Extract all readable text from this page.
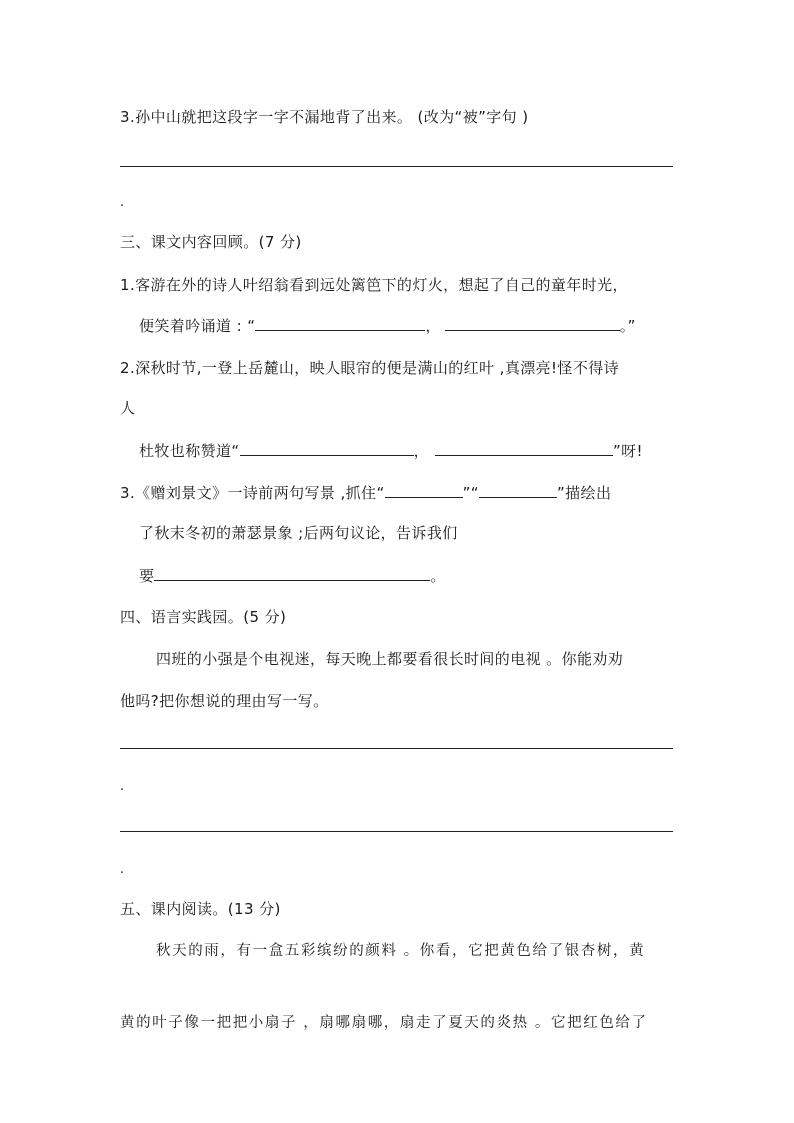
3.孙中山就把这段字一字不漏地背了出来。 (改为“被”字句 )
.
三、课文内容回顾。(7 分)
1.客游在外的诗人叶绍翁看到远处篱笆下的灯火，想起了自己的童年时光，
便笑着吟诵道 : “	，	。”
2.深秋时节,一登上岳麓山，映人眼帘的便是满山的红叶 ,真漂亮!怪不得诗
人
杜牧也称赞道“	，	”呀!
3.《赠刘景文》一诗前两句写景 ,抓住“	”“	”描绘出
了秋末冬初的萧瑟景象 ;后两句议论，告诉我们
要	。
四、语言实践园。(5 分)
四班的小强是个电视迷，每天晚上都要看很长时间的电视 。你能劝劝
他吗?把你想说的理由写一写。
.
.
五、课内阅读。(13 分)
秋天的雨，有一盒五彩缤纷的颜料 。你看，它把黄色给了银杏树，黄
黄的叶子像一把把小扇子 ，扇哪扇哪，扇走了夏天的炎热 。它把红色给了
